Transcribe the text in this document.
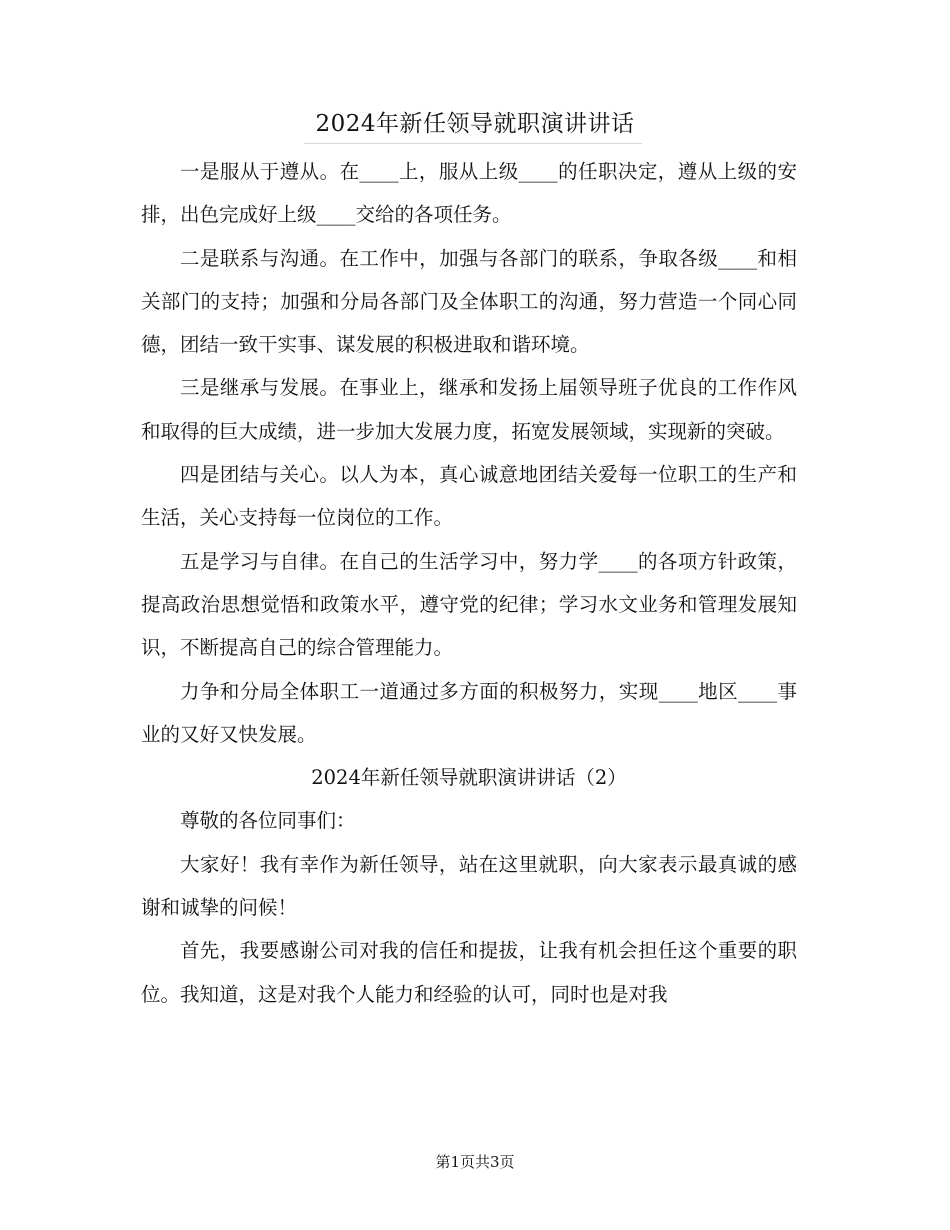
2024年新任领导就职演讲讲话

一是服从于遵从。在____上，服从上级____的任职决定，遵从上级的安排，出色完成好上级____交给的各项任务。

二是联系与沟通。在工作中，加强与各部门的联系，争取各级____和相关部门的支持；加强和分局各部门及全体职工的沟通，努力营造一个同心同德，团结一致干实事、谋发展的积极进取和谐环境。

三是继承与发展。在事业上，继承和发扬上届领导班子优良的工作作风和取得的巨大成绩，进一步加大发展力度，拓宽发展领域，实现新的突破。

四是团结与关心。以人为本，真心诚意地团结关爱每一位职工的生产和生活，关心支持每一位岗位的工作。

五是学习与自律。在自己的生活学习中，努力学____的各项方针政策，提高政治思想觉悟和政策水平，遵守党的纪律；学习水文业务和管理发展知识，不断提高自己的综合管理能力。

力争和分局全体职工一道通过多方面的积极努力，实现____地区____事业的又好又快发展。

2024年新任领导就职演讲讲话（2）

尊敬的各位同事们：

大家好！我有幸作为新任领导，站在这里就职，向大家表示最真诚的感谢和诚挚的问候！

首先，我要感谢公司对我的信任和提拔，让我有机会担任这个重要的职位。我知道，这是对我个人能力和经验的认可，同时也是对我

第1页共3页
